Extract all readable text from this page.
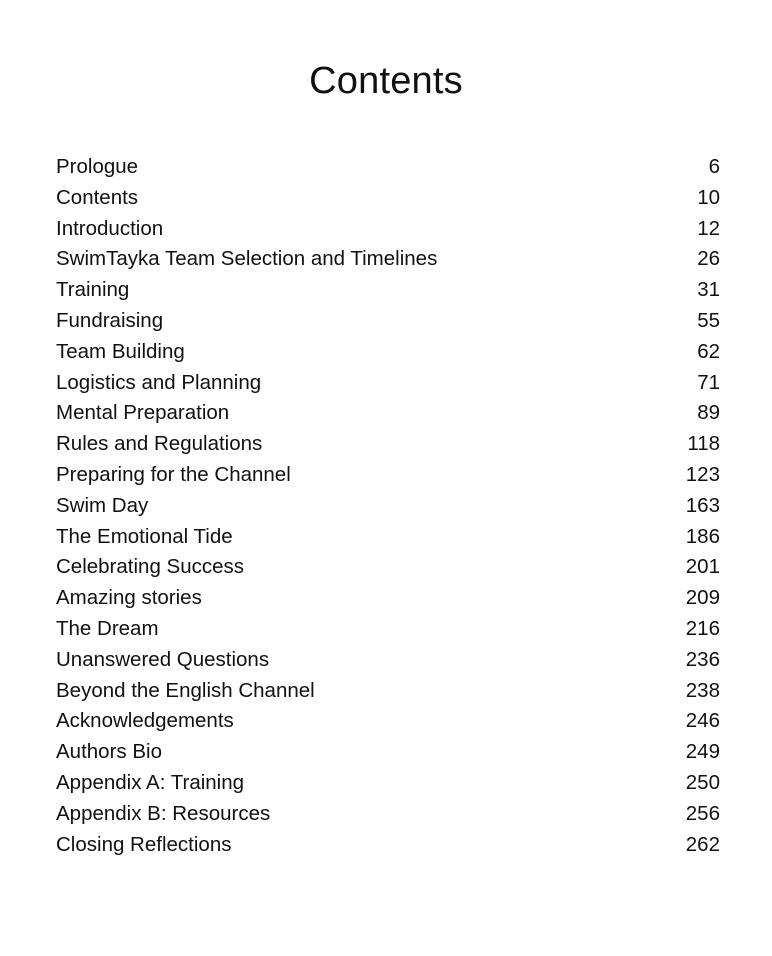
Contents
Prologue	6
Contents	10
Introduction	12
SwimTayka Team Selection and Timelines	26
Training	31
Fundraising	55
Team Building	62
Logistics and Planning	71
Mental Preparation	89
Rules and Regulations	118
Preparing for the Channel	123
Swim Day	163
The Emotional Tide	186
Celebrating Success	201
Amazing stories	209
The Dream	216
Unanswered Questions	236
Beyond the English Channel	238
Acknowledgements	246
Authors Bio	249
Appendix A: Training	250
Appendix B: Resources	256
Closing Reflections	262
